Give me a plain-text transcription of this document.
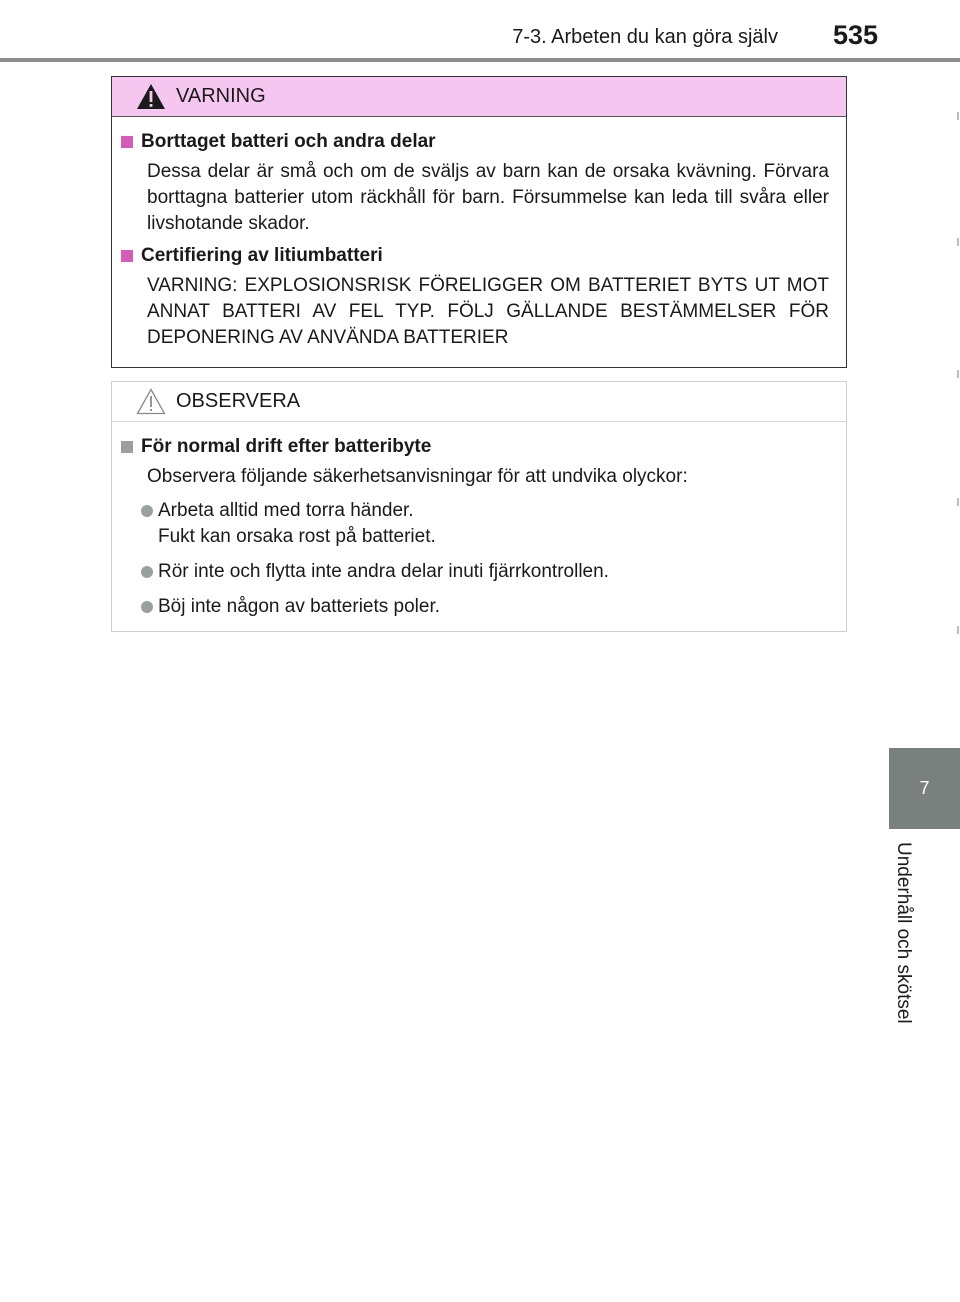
7-3. Arbeten du kan göra själv 535
VARNING
Borttaget batteri och andra delar
Dessa delar är små och om de sväljs av barn kan de orsaka kvävning. Förvara borttagna batterier utom räckhåll för barn. Försummelse kan leda till svåra eller livshotande skador.
Certifiering av litiumbatteri
VARNING: EXPLOSIONSRISK FÖRELIGGER OM BATTERIET BYTS UT MOT ANNAT BATTERI AV FEL TYP. FÖLJ GÄLLANDE BESTÄMMELSER FÖR DEPONERING AV ANVÄNDA BATTERIER
OBSERVERA
För normal drift efter batteribyte
Observera följande säkerhetsanvisningar för att undvika olyckor:
Arbeta alltid med torra händer.
Fukt kan orsaka rost på batteriet.
Rör inte och flytta inte andra delar inuti fjärrkontrollen.
Böj inte någon av batteriets poler.
7
Underhåll och skötsel
